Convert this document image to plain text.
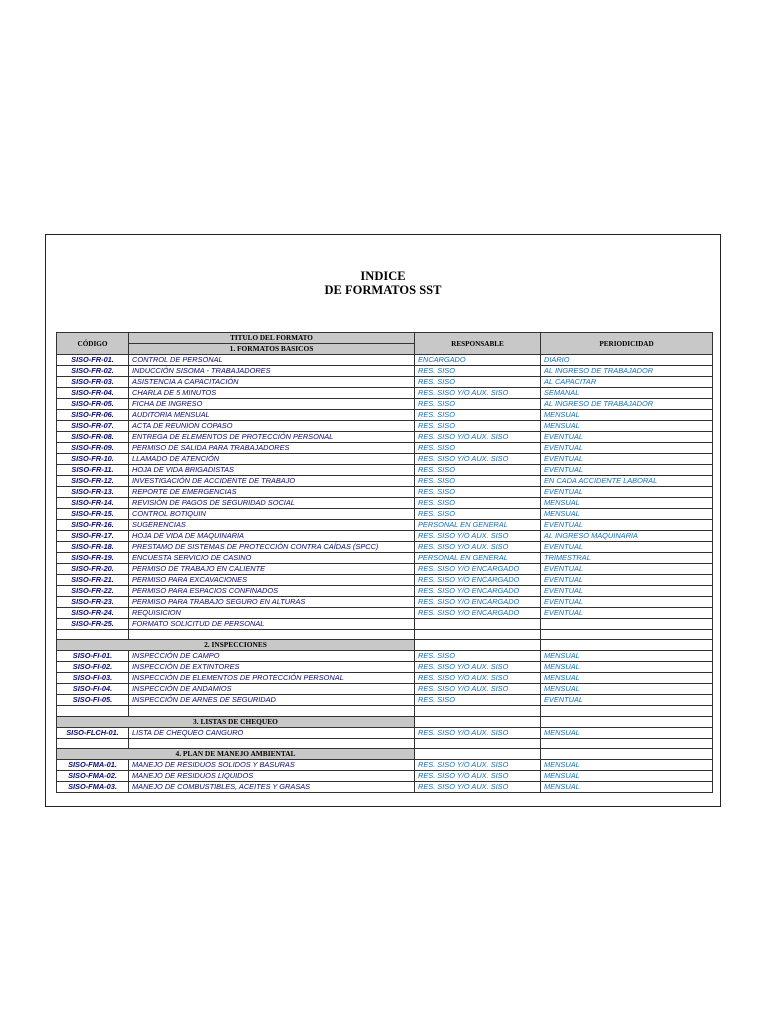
INDICE
DE FORMATOS SST
CÓDIGO	TITULO DEL FORMATO	RESPONSABLE	PERIODICIDAD
	1. FORMATOS BASICOS		
SISO-FR-01.	CONTROL DE PERSONAL	ENCARGADO	DIARIO
SISO-FR-02.	INDUCCIÓN SISOMA - TRABAJADORES	RES. SISO	AL INGRESO DE TRABAJADOR
SISO-FR-03.	ASISTENCIA A CAPACITACIÓN	RES. SISO	AL CAPACITAR
SISO-FR-04.	CHARLA DE 5 MINUTOS	RES. SISO Y/O AUX. SISO	SEMANAL
SISO-FR-05.	FICHA DE INGRESO	RES. SISO	AL INGRESO DE TRABAJADOR
SISO-FR-06.	AUDITORIA MENSUAL	RES. SISO	MENSUAL
SISO-FR-07.	ACTA DE REUNION COPASO	RES. SISO	MENSUAL
SISO-FR-08.	ENTREGA DE ELEMENTOS DE PROTECCIÓN PERSONAL	RES. SISO Y/O AUX. SISO	EVENTUAL
SISO-FR-09.	PERMISO DE SALIDA PARA TRABAJADORES	RES. SISO	EVENTUAL
SISO-FR-10.	LLAMADO DE ATENCIÓN	RES. SISO Y/O AUX. SISO	EVENTUAL
SISO-FR-11.	HOJA DE VIDA BRIGADISTAS	RES. SISO	EVENTUAL
SISO-FR-12.	INVESTIGACIÓN DE ACCIDENTE DE TRABAJO	RES. SISO	EN CADA ACCIDENTE LABORAL
SISO-FR-13.	REPORTE DE EMERGENCIAS	RES. SISO	EVENTUAL
SISO-FR-14.	REVISIÓN DE PAGOS DE SEGURIDAD SOCIAL	RES. SISO	MENSUAL
SISO-FR-15.	CONTROL BOTIQUIN	RES. SISO	MENSUAL
SISO-FR-16.	SUGERENCIAS	PERSONAL EN GENERAL	EVENTUAL
SISO-FR-17.	HOJA DE VIDA DE MAQUINARIA	RES. SISO Y/O AUX. SISO	AL INGRESO MAQUINARIA
SISO-FR-18.	PRESTAMO DE SISTEMAS DE PROTECCIÓN CONTRA CAÍDAS (SPCC)	RES. SISO Y/O AUX. SISO	EVENTUAL
SISO-FR-19.	ENCUESTA SERVICIO DE CASINO	PERSONAL EN GENERAL	TRIMESTRAL
SISO-FR-20.	PERMISO DE TRABAJO EN CALIENTE	RES. SISO Y/O ENCARGADO	EVENTUAL
SISO-FR-21.	PERMISO PARA EXCAVACIONES	RES. SISO Y/O ENCARGADO	EVENTUAL
SISO-FR-22.	PERMISO PARA ESPACIOS CONFINADOS	RES. SISO Y/O ENCARGADO	EVENTUAL
SISO-FR-23.	PERMISO PARA TRABAJO SEGURO EN ALTURAS	RES. SISO Y/O ENCARGADO	EVENTUAL
SISO-FR-24.	REQUISICION	RES. SISO Y/O ENCARGADO	EVENTUAL
SISO-FR-25.	FORMATO SOLICITUD DE PERSONAL		

2. INSPECCIONES			
SISO-FI-01.	INSPECCIÓN DE CAMPO	RES. SISO	MENSUAL
SISO-FI-02.	INSPECCIÓN DE EXTINTORES	RES. SISO Y/O AUX. SISO	MENSUAL
SISO-FI-03.	INSPECCIÓN DE ELEMENTOS DE PROTECCIÓN PERSONAL	RES. SISO Y/O AUX. SISO	MENSUAL
SISO-FI-04.	INSPECCIÓN DE ANDAMIOS	RES. SISO Y/O AUX. SISO	MENSUAL
SISO-FI-05.	INSPECCIÓN DE ARNES DE SEGURIDAD	RES. SISO	EVENTUAL

3. LISTAS DE CHEQUEO			
SISO-FLCH-01.	LISTA DE CHEQUEO CANGURO	RES. SISO Y/O AUX. SISO	MENSUAL

4. PLAN DE MANEJO AMBIENTAL			
SISO-FMA-01.	MANEJO DE RESIDUOS SOLIDOS Y BASURAS	RES. SISO Y/O AUX. SISO	MENSUAL
SISO-FMA-02.	MANEJO DE RESIDUOS LIQUIDOS	RES. SISO Y/O AUX. SISO	MENSUAL
SISO-FMA-03.	MANEJO DE COMBUSTIBLES, ACEITES Y GRASAS	RES. SISO Y/O AUX. SISO	MENSUAL
